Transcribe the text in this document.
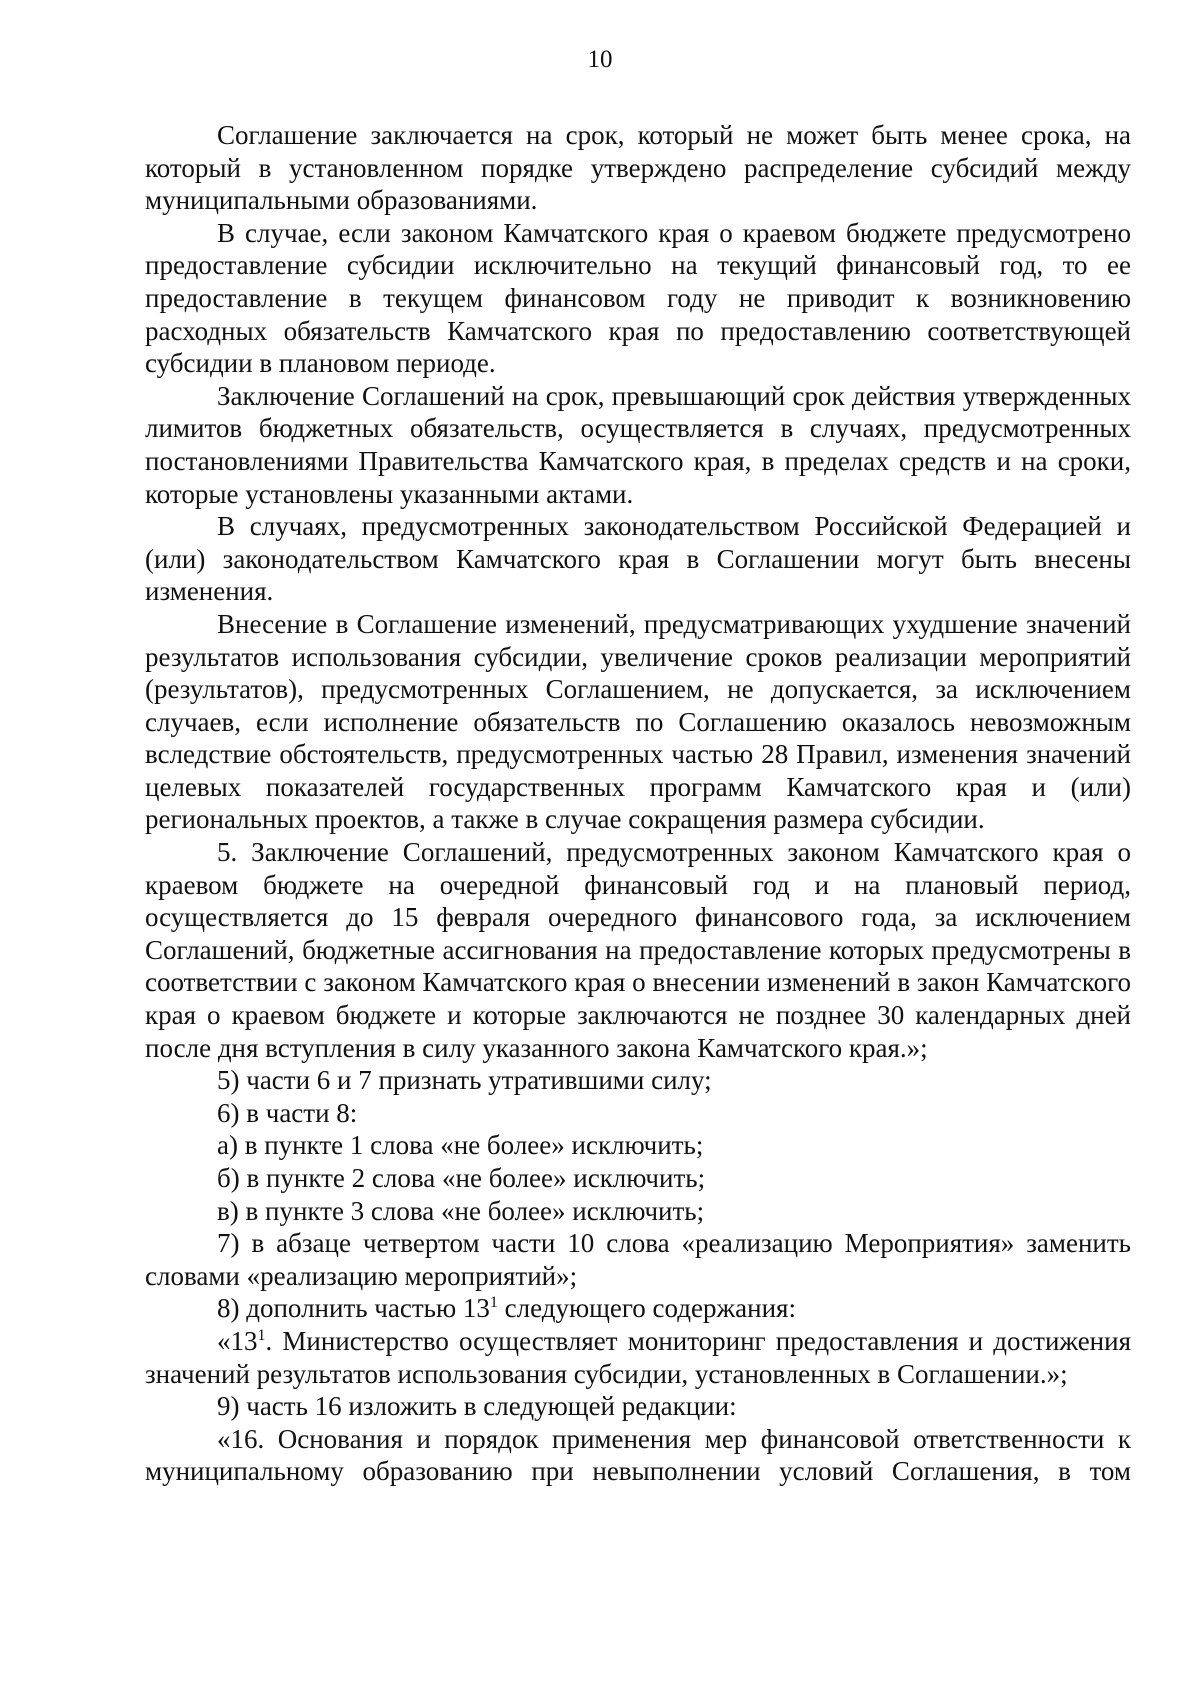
10

Соглашение заключается на срок, который не может быть менее срока, на который в установленном порядке утверждено распределение субсидий между муниципальными образованиями.

В случае, если законом Камчатского края о краевом бюджете предусмотрено предоставление субсидии исключительно на текущий финансовый год, то ее предоставление в текущем финансовом году не приводит к возникновению расходных обязательств Камчатского края по предоставлению соответствующей субсидии в плановом периоде.

Заключение Соглашений на срок, превышающий срок действия утвержденных лимитов бюджетных обязательств, осуществляется в случаях, предусмотренных постановлениями Правительства Камчатского края, в пределах средств и на сроки, которые установлены указанными актами.

В случаях, предусмотренных законодательством Российской Федерацией и (или) законодательством Камчатского края в Соглашении могут быть внесены изменения.

Внесение в Соглашение изменений, предусматривающих ухудшение значений результатов использования субсидии, увеличение сроков реализации мероприятий (результатов), предусмотренных Соглашением, не допускается, за исключением случаев, если исполнение обязательств по Соглашению оказалось невозможным вследствие обстоятельств, предусмотренных частью 28 Правил, изменения значений целевых показателей государственных программ Камчатского края и (или) региональных проектов, а также в случае сокращения размера субсидии.

5. Заключение Соглашений, предусмотренных законом Камчатского края о краевом бюджете на очередной финансовый год и на плановый период, осуществляется до 15 февраля очередного финансового года, за исключением Соглашений, бюджетные ассигнования на предоставление которых предусмотрены в соответствии с законом Камчатского края о внесении изменений в закон Камчатского края о краевом бюджете и которые заключаются не позднее 30 календарных дней после дня вступления в силу указанного закона Камчатского края.»;

5) части 6 и 7 признать утратившими силу;

6) в части 8:

а) в пункте 1 слова «не более» исключить;

б) в пункте 2 слова «не более» исключить;

в) в пункте 3 слова «не более» исключить;

7) в абзаце четвертом части 10 слова «реализацию Мероприятия» заменить словами «реализацию мероприятий»;

8) дополнить частью $13^1$ следующего содержания:

«$13^1$. Министерство осуществляет мониторинг предоставления и достижения значений результатов использования субсидии, установленных в Соглашении.»;

9) часть 16 изложить в следующей редакции:

«16. Основания и порядок применения мер финансовой ответственности к муниципальному образованию при невыполнении условий Соглашения, в том
